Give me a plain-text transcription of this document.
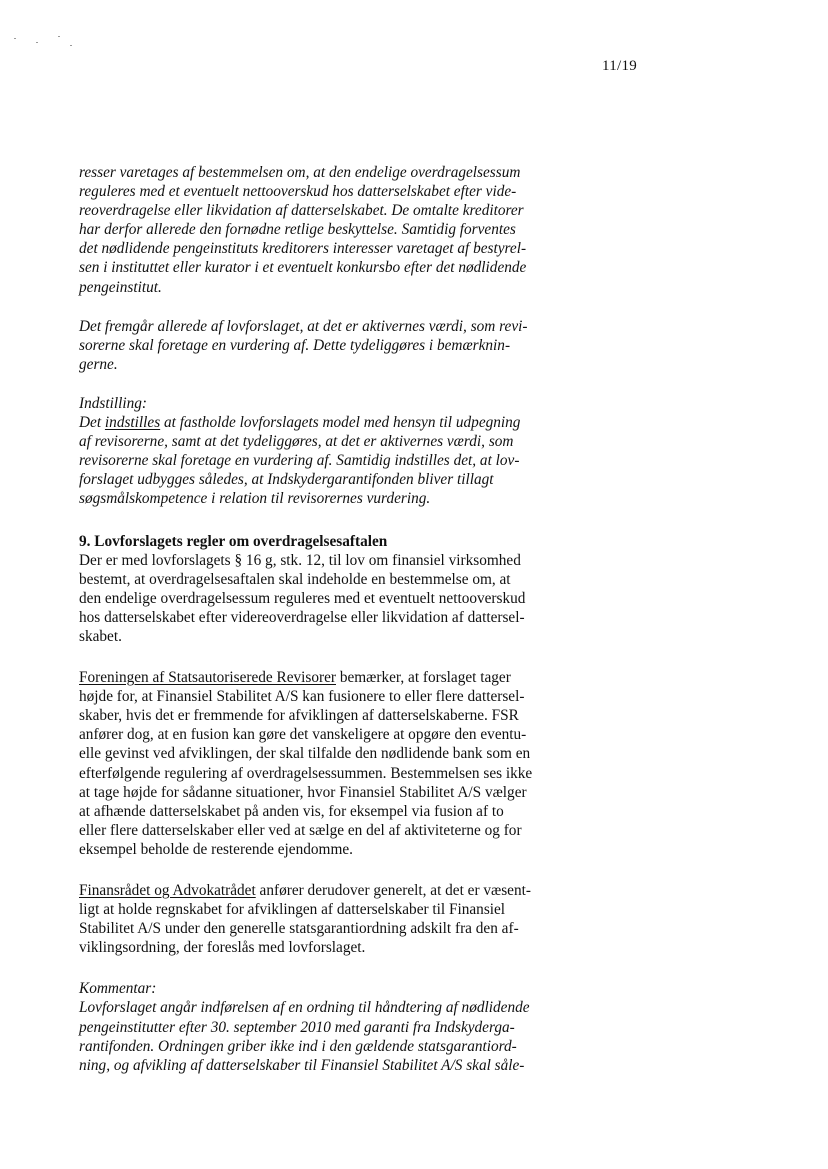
11/19

resser varetages af bestemmelsen om, at den endelige overdragelsessum
reguleres med et eventuelt nettooverskud hos datterselskabet efter vide-
reoverdragelse eller likvidation af datterselskabet. De omtalte kreditorer
har derfor allerede den fornødne retlige beskyttelse. Samtidig forventes
det nødlidende pengeinstituts kreditorers interesser varetaget af bestyrel-
sen i instituttet eller kurator i et eventuelt konkursbo efter det nødlidende
pengeinstitut.

Det fremgår allerede af lovforslaget, at det er aktivernes værdi, som revi-
sorerne skal foretage en vurdering af. Dette tydeliggøres i bemærknin-
gerne.

Indstilling:
Det indstilles at fastholde lovforslagets model med hensyn til udpegning
af revisorerne, samt at det tydeliggøres, at det er aktivernes værdi, som
revisorerne skal foretage en vurdering af. Samtidig indstilles det, at lov-
forslaget udbygges således, at Indskydergarantifonden bliver tillagt
søgsmålskompetence i relation til revisorernes vurdering.

9. Lovforslagets regler om overdragelsesaftalen
Der er med lovforslagets § 16 g, stk. 12, til lov om finansiel virksomhed
bestemt, at overdragelsesaftalen skal indeholde en bestemmelse om, at
den endelige overdragelsessum reguleres med et eventuelt nettooverskud
hos datterselskabet efter videreoverdragelse eller likvidation af dattersel-
skabet.

Foreningen af Statsautoriserede Revisorer bemærker, at forslaget tager
højde for, at Finansiel Stabilitet A/S kan fusionere to eller flere dattersel-
skaber, hvis det er fremmende for afviklingen af datterselskaberne. FSR
anfører dog, at en fusion kan gøre det vanskeligere at opgøre den eventu-
elle gevinst ved afviklingen, der skal tilfalde den nødlidende bank som en
efterfølgende regulering af overdragelsessummen. Bestemmelsen ses ikke
at tage højde for sådanne situationer, hvor Finansiel Stabilitet A/S vælger
at afhænde datterselskabet på anden vis, for eksempel via fusion af to
eller flere datterselskaber eller ved at sælge en del af aktiviteterne og for
eksempel beholde de resterende ejendomme.

Finansrådet og Advokatrådet anfører derudover generelt, at det er væsent-
ligt at holde regnskabet for afviklingen af datterselskaber til Finansiel
Stabilitet A/S under den generelle statsgarantiordning adskilt fra den af-
viklingsordning, der foreslås med lovforslaget.

Kommentar:
Lovforslaget angår indførelsen af en ordning til håndtering af nødlidende
pengeinstitutter efter 30. september 2010 med garanti fra Indskyderga-
rantifonden. Ordningen griber ikke ind i den gældende statsgarantiord-
ning, og afvikling af datterselskaber til Finansiel Stabilitet A/S skal såle-
